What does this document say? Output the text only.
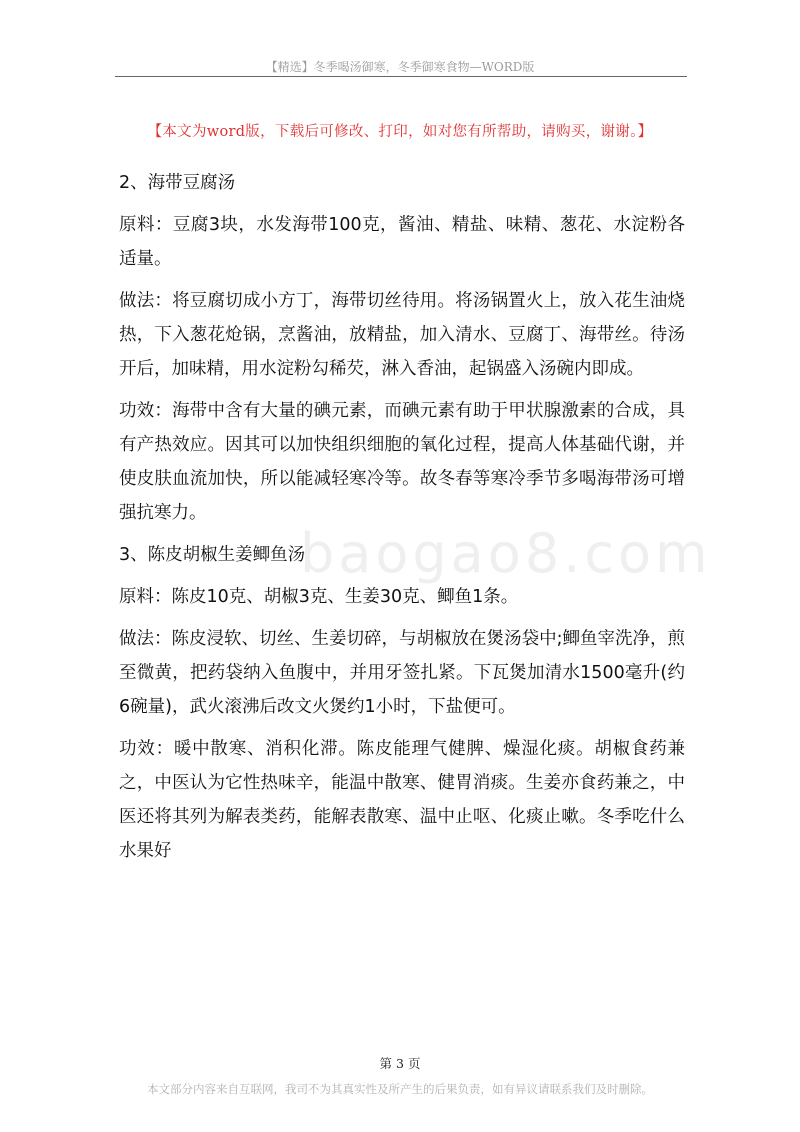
【精选】冬季喝汤御寒，冬季御寒食物—WORD版
【本文为word版，下载后可修改、打印，如对您有所帮助，请购买，谢谢。】
baogao8.com

2、海带豆腐汤

原料：豆腐3块，水发海带100克，酱油、精盐、味精、葱花、水淀粉各适量。

做法：将豆腐切成小方丁，海带切丝待用。将汤锅置火上，放入花生油烧热，下入葱花炝锅，烹酱油，放精盐，加入清水、豆腐丁、海带丝。待汤开后，加味精，用水淀粉勾稀芡，淋入香油，起锅盛入汤碗内即成。

功效：海带中含有大量的碘元素，而碘元素有助于甲状腺激素的合成，具有产热效应。因其可以加快组织细胞的氧化过程，提高人体基础代谢，并使皮肤血流加快，所以能减轻寒冷等。故冬春等寒冷季节多喝海带汤可增强抗寒力。

3、陈皮胡椒生姜鲫鱼汤

原料：陈皮10克、胡椒3克、生姜30克、鲫鱼1条。

做法：陈皮浸软、切丝、生姜切碎，与胡椒放在煲汤袋中;鲫鱼宰洗净，煎至微黄，把药袋纳入鱼腹中，并用牙签扎紧。下瓦煲加清水1500毫升(约6碗量)，武火滚沸后改文火煲约1小时，下盐便可。

功效：暖中散寒、消积化滞。陈皮能理气健脾、燥湿化痰。胡椒食药兼之，中医认为它性热味辛，能温中散寒、健胃消痰。生姜亦食药兼之，中医还将其列为解表类药，能解表散寒、温中止呕、化痰止嗽。冬季吃什么水果好

第 3 页
本文部分内容来自互联网，我司不为其真实性及所产生的后果负责，如有异议请联系我们及时删除。
